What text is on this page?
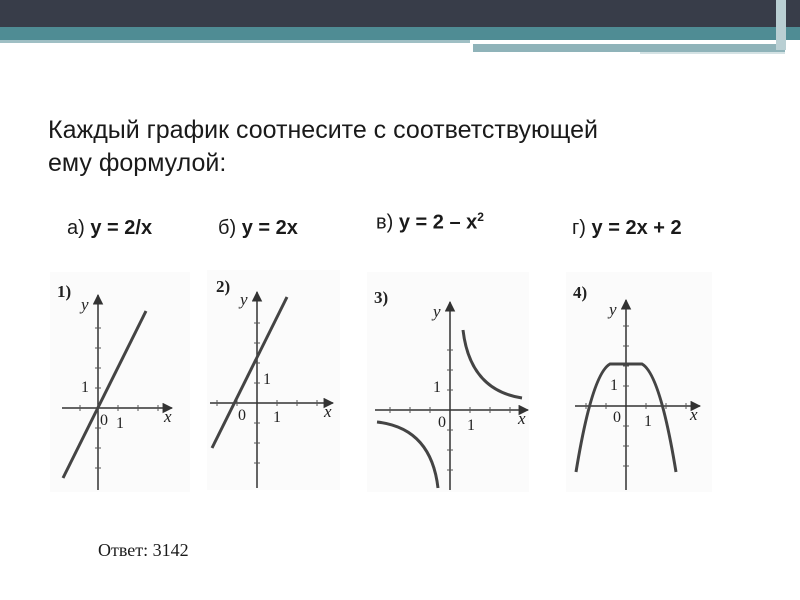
Каждый график соотнесите с соответствующей
ему формулой:
а) y = 2/x	б) y = 2x	в) $y = 2 - x^2$	г) y = 2x + 2
1)
y
x
0 1
1
2)
y
x
0 1
1
3)
y
x
0 1
1
4)
y
x
0 1
1
Ответ: 3142
